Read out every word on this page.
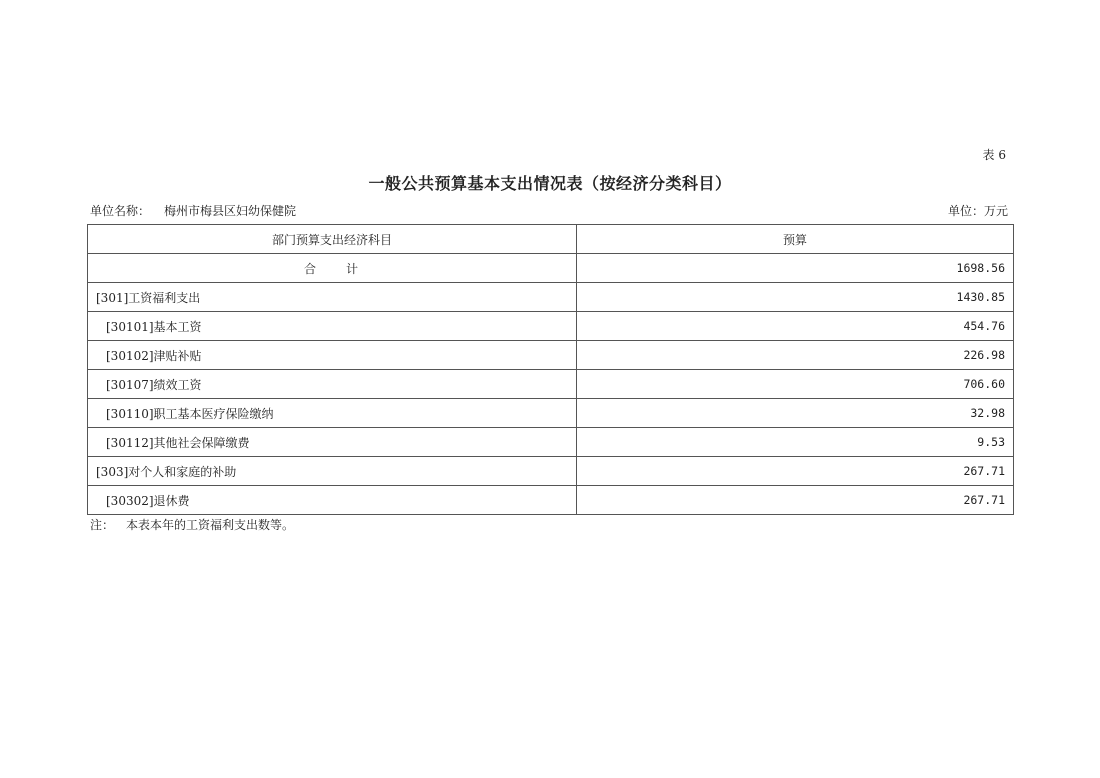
表 6
一般公共预算基本支出情况表（按经济分类科目）
单位名称： 梅州市梅县区妇幼保健院	单位：万元
部门预算支出经济科目	预算
合　　计	1698.56
[301]工资福利支出	1430.85
[30101]基本工资	454.76
[30102]津贴补贴	226.98
[30107]绩效工资	706.60
[30110]职工基本医疗保险缴纳	32.98
[30112]其他社会保障缴费	9.53
[303]对个人和家庭的补助	267.71
[30302]退休费	267.71
注： 本表本年的工资福利支出数等。
